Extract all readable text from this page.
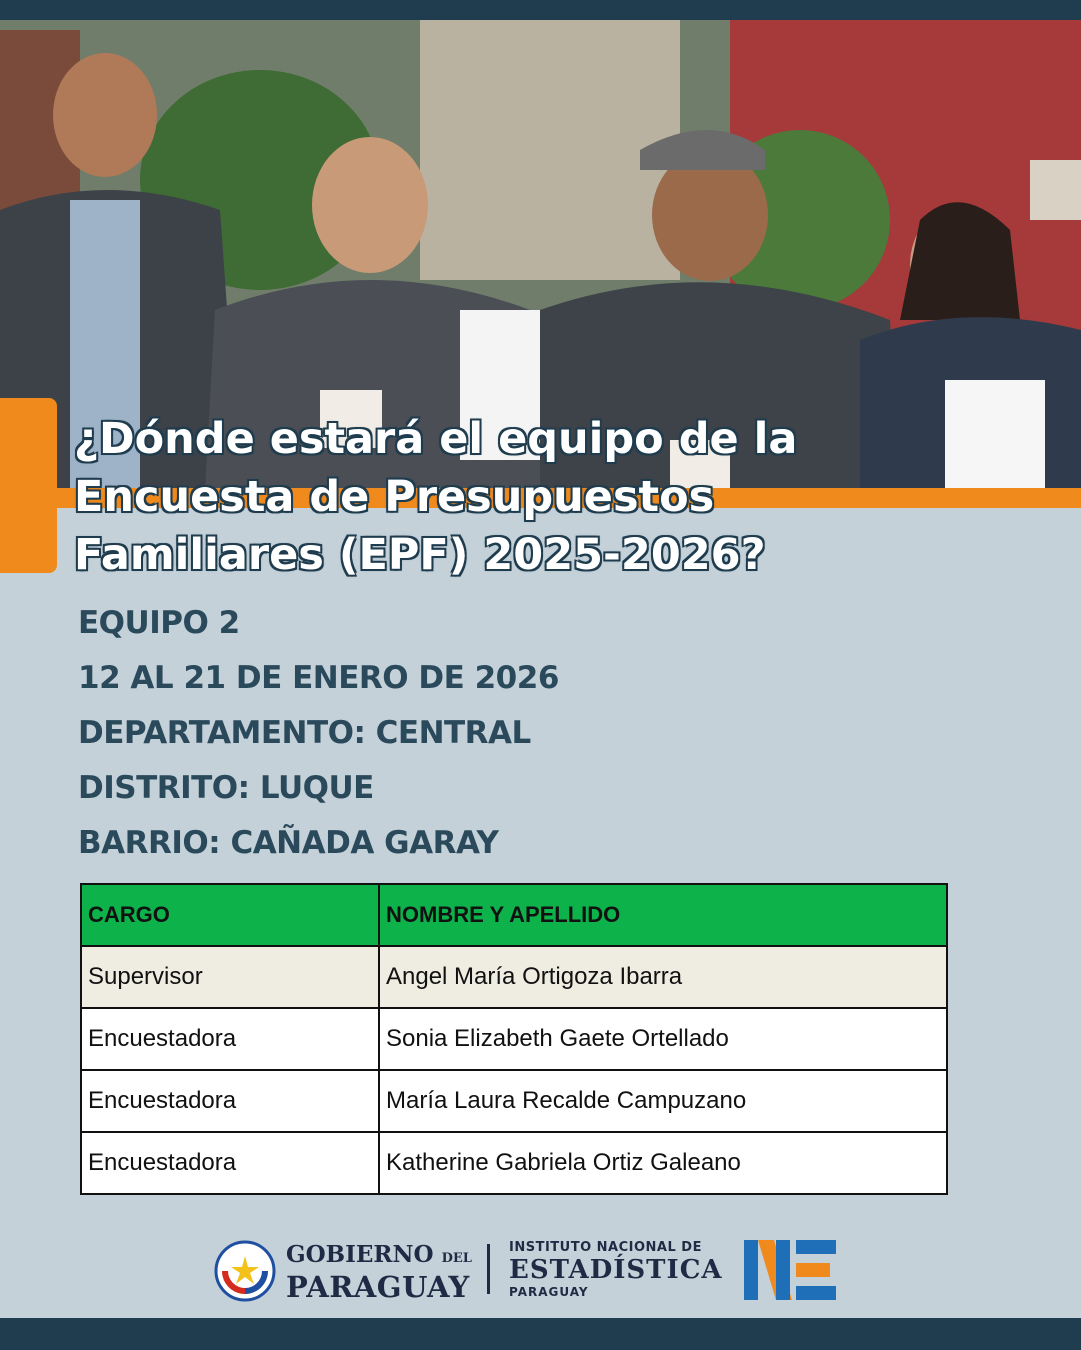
¿Dónde estará el equipo de la
Encuesta de Presupuestos
Familiares (EPF) 2025-2026?
EQUIPO 2
12 AL 21 DE ENERO DE 2026
DEPARTAMENTO: CENTRAL
DISTRITO: LUQUE
BARRIO: CAÑADA GARAY
CARGO	NOMBRE Y APELLIDO
Supervisor	Angel María Ortigoza Ibarra
Encuestadora	Sonia Elizabeth Gaete Ortellado
Encuestadora	María Laura Recalde Campuzano
Encuestadora	Katherine Gabriela Ortiz Galeano
GOBIERNO DEL
PARAGUAY
INSTITUTO NACIONAL DE
ESTADÍSTICA
PARAGUAY
